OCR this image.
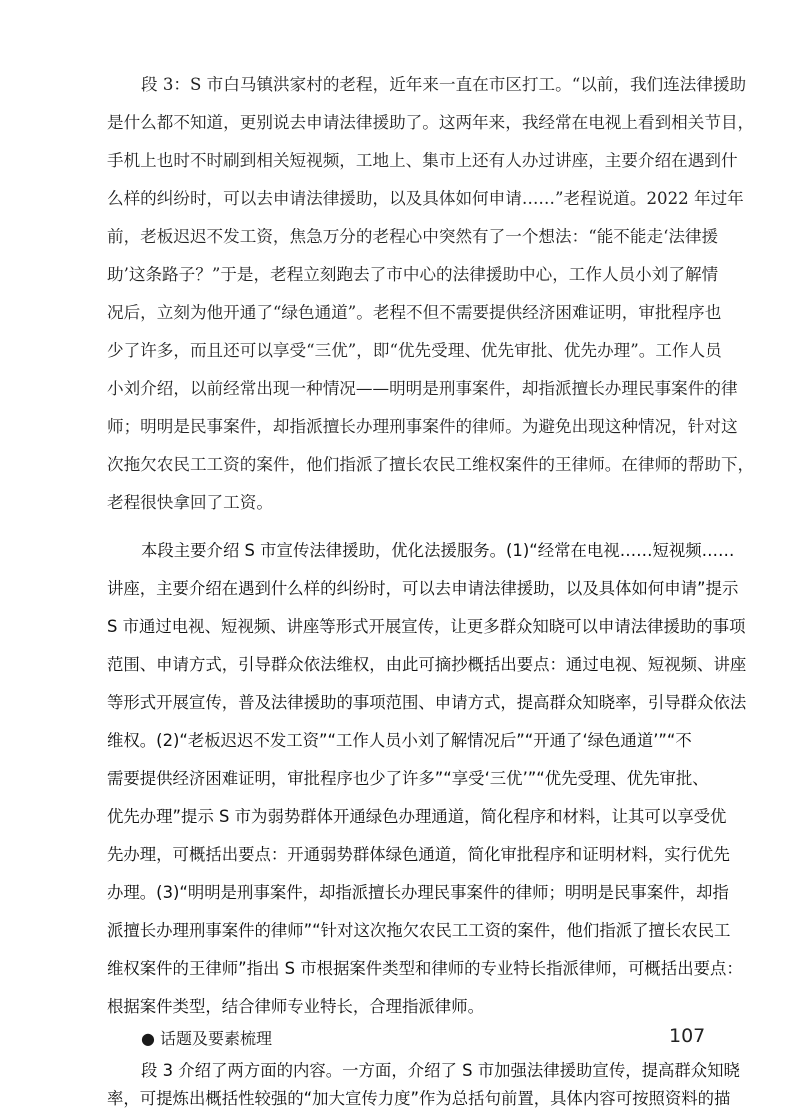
段 3：S 市白马镇洪家村的老程，近年来一直在市区打工。“以前，我们连法律援助
是什么都不知道，更别说去申请法律援助了。这两年来，我经常在电视上看到相关节目，
手机上也时不时刷到相关短视频，工地上、集市上还有人办过讲座，主要介绍在遇到什
么样的纠纷时，可以去申请法律援助，以及具体如何申请……”老程说道。2022 年过年
前，老板迟迟不发工资，焦急万分的老程心中突然有了一个想法：“能不能走‘法律援
助’这条路子？”于是，老程立刻跑去了市中心的法律援助中心，工作人员小刘了解情
况后，立刻为他开通了“绿色通道”。老程不但不需要提供经济困难证明，审批程序也
少了许多，而且还可以享受“三优”，即“优先受理、优先审批、优先办理”。工作人员
小刘介绍，以前经常出现一种情况——明明是刑事案件，却指派擅长办理民事案件的律
师；明明是民事案件，却指派擅长办理刑事案件的律师。为避免出现这种情况，针对这
次拖欠农民工工资的案件，他们指派了擅长农民工维权案件的王律师。在律师的帮助下，
老程很快拿回了工资。
本段主要介绍 S 市宣传法律援助，优化法援服务。(1)“经常在电视……短视频……
讲座，主要介绍在遇到什么样的纠纷时，可以去申请法律援助，以及具体如何申请”提示
S 市通过电视、短视频、讲座等形式开展宣传，让更多群众知晓可以申请法律援助的事项
范围、申请方式，引导群众依法维权，由此可摘抄概括出要点：通过电视、短视频、讲座
等形式开展宣传，普及法律援助的事项范围、申请方式，提高群众知晓率，引导群众依法
维权。(2)“老板迟迟不发工资”“工作人员小刘了解情况后”“开通了‘绿色通道’”“不
需要提供经济困难证明，审批程序也少了许多”“享受‘三优’”“优先受理、优先审批、
优先办理”提示 S 市为弱势群体开通绿色办理通道，简化程序和材料，让其可以享受优
先办理，可概括出要点：开通弱势群体绿色通道，简化审批程序和证明材料，实行优先
办理。(3)“明明是刑事案件，却指派擅长办理民事案件的律师；明明是民事案件，却指
派擅长办理刑事案件的律师”“针对这次拖欠农民工工资的案件，他们指派了擅长农民工
维权案件的王律师”指出 S 市根据案件类型和律师的专业特长指派律师，可概括出要点：
根据案件类型，结合律师专业特长，合理指派律师。
● 话题及要素梳理
段 3 介绍了两方面的内容。一方面，介绍了 S 市加强法律援助宣传，提高群众知晓
率，可提炼出概括性较强的“加大宣传力度”作为总括句前置，具体内容可按照资料的描
107
